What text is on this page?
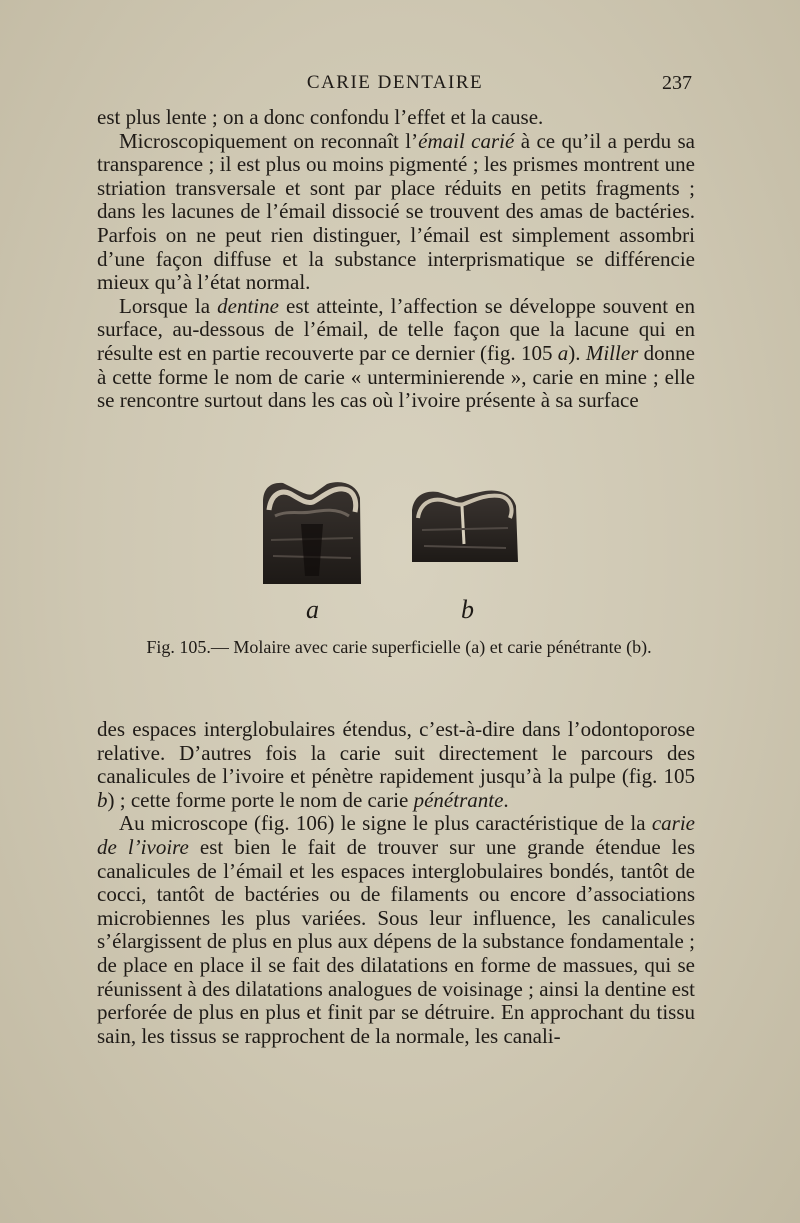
CARIE DENTAIRE	237

est plus lente ; on a donc confondu l’effet et la cause.

Microscopiquement on reconnaît l’émail carié à ce qu’il a perdu sa transparence ; il est plus ou moins pigmenté ; les prismes montrent une striation transversale et sont par place réduits en petits fragments ; dans les lacunes de l’émail dissocié se trouvent des amas de bactéries. Parfois on ne peut rien distinguer, l’émail est simplement assombri d’une façon diffuse et la substance interprismatique se différencie mieux qu’à l’état normal.

Lorsque la dentine est atteinte, l’affection se développe souvent en surface, au-dessous de l’émail, de telle façon que la lacune qui en résulte est en partie recouverte par ce dernier (fig. 105 a). Miller donne à cette forme le nom de carie « unterminierende », carie en mine ; elle se rencontre surtout dans les cas où l’ivoire présente à sa surface

a	b
Fig. 105.— Molaire avec carie superficielle (a) et carie pénétrante (b).

des espaces interglobulaires étendus, c’est-à-dire dans l’odontoporose relative. D’autres fois la carie suit directement le parcours des canalicules de l’ivoire et pénètre rapidement jusqu’à la pulpe (fig. 105 b) ; cette forme porte le nom de carie pénétrante.

Au microscope (fig. 106) le signe le plus caractéristique de la carie de l’ivoire est bien le fait de trouver sur une grande étendue les canalicules de l’émail et les espaces interglobulaires bondés, tantôt de cocci, tantôt de bactéries ou de filaments ou encore d’associations microbiennes les plus variées. Sous leur influence, les canalicules s’élargissent de plus en plus aux dépens de la substance fondamentale ; de place en place il se fait des dilatations en forme de massues, qui se réunissent à des dilatations analogues de voisinage ; ainsi la dentine est perforée de plus en plus et finit par se détruire. En approchant du tissu sain, les tissus se rapprochent de la normale, les canali-
